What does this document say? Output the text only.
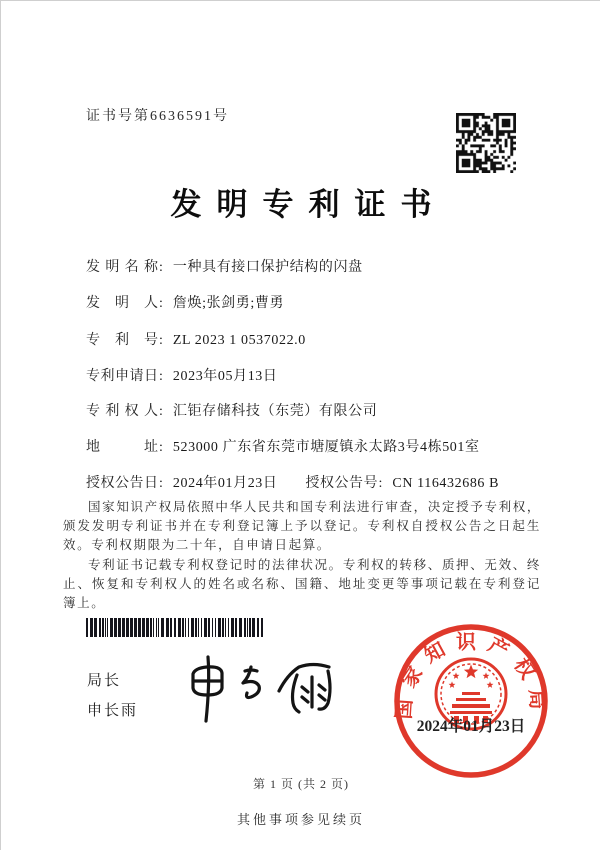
证书号第6636591号
发明专利证书
发明名称 : 一种具有接口保护结构的闪盘
发明人 : 詹焕;张剑勇;曹勇
专利号 : ZL 2023 1 0537022.0
专利申请日 : 2023年05月13日
专利权人 : 汇钜存储科技（东莞）有限公司
地址 : 523000 广东省东莞市塘厦镇永太路3号4栋501室
授权公告日 : 2024年01月23日 授权公告号 : CN 116432686 B
国家知识产权局依照中华人民共和国专利法进行审查，决定授予专利权，颁发发明专利证书并在专利登记簿上予以登记。专利权自授权公告之日起生效。专利权期限为二十年，自申请日起算。
专利证书记载专利权登记时的法律状况。专利权的转移、质押、无效、终止、恢复和专利权人的姓名或名称、国籍、地址变更等事项记载在专利登记簿上。
局长
申长雨	国家知识产权局
2024年01月23日
第 1 页 (共 2 页)
其他事项参见续页
